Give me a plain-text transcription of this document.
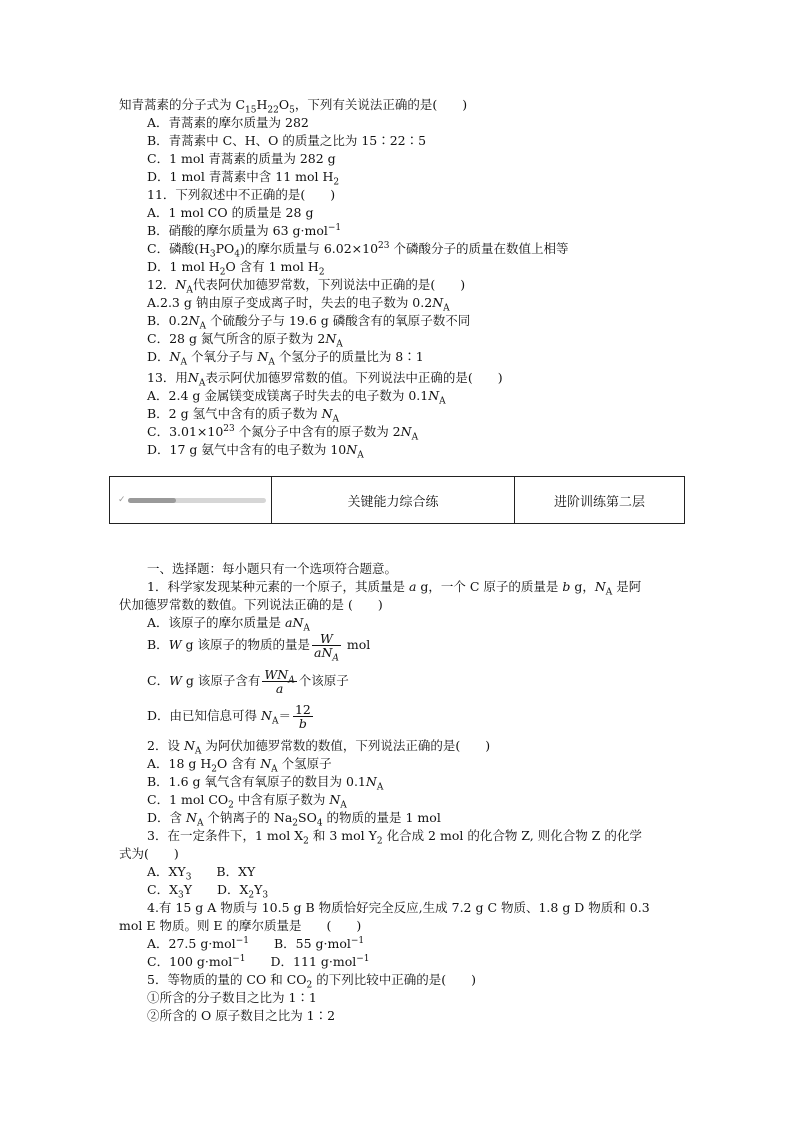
知青蒿素的分子式为 $C_{15}H_{22}O_5$，下列有关说法正确的是(　　)
A．青蒿素的摩尔质量为 282
B．青蒿素中 C、H、O 的质量之比为 15∶22∶5
C．1 mol 青蒿素的质量为 282 g
D．1 mol 青蒿素中含 11 mol $H_2$
11．下列叙述中不正确的是(　　)
A．1 mol CO 的质量是 28 g
B．硝酸的摩尔质量为 63 g·mol$^{-1}$
C．磷酸$(H_3PO_4)$的摩尔质量与 $6.02\times 10^{23}$ 个磷酸分子的质量在数值上相等
D．1 mol $H_2O$ 含有 1 mol $H_2$
12．$N_A$代表阿伏加德罗常数，下列说法中正确的是(　　)
A.2.3 g 钠由原子变成离子时，失去的电子数为 $0.2N_A$
B．$0.2N_A$ 个硫酸分子与 19.6 g 磷酸含有的氧原子数不同
C．28 g 氮气所含的原子数为 $2N_A$
D．$N_A$ 个氧分子与 $N_A$ 个氢分子的质量比为 8∶1
13．用$N_A$表示阿伏加德罗常数的值。下列说法中正确的是(　　)
A．2.4 g 金属镁变成镁离子时失去的电子数为 $0.1N_A$
B．2 g 氢气中含有的质子数为 $N_A$
C．$3.01\times 10^{23}$ 个氮分子中含有的原子数为 $2N_A$
D．17 g 氨气中含有的电子数为 $10N_A$
✓	关键能力综合练	进阶训练第二层
一、选择题：每小题只有一个选项符合题意。
1．科学家发现某种元素的一个原子，其质量是 a g，一个 C 原子的质量是 b g，$N_A$ 是阿
伏加德罗常数的数值。下列说法正确的是 (　　)
A．该原子的摩尔质量是 $aN_A$
B．W g 该原子的物质的量是 $\frac{W}{aN_A}$ mol
C．W g 该原子含有 $\frac{WN_A}{a}$ 个该原子
D．由已知信息可得 $N_A= \frac{12}{b}$
2．设 $N_A$ 为阿伏加德罗常数的数值，下列说法正确的是(　　)
A．18 g $H_2O$ 含有 $N_A$ 个氢原子
B．1.6 g 氧气含有氧原子的数目为 $0.1N_A$
C．1 mol $CO_2$ 中含有原子数为 $N_A$
D．含 $N_A$ 个钠离子的 $Na_2SO_4$ 的物质的量是 1 mol
3．在一定条件下，1 mol $X_2$ 和 3 mol $Y_2$ 化合成 2 mol 的化合物 Z, 则化合物 Z 的化学
式为(　　)
A．$XY_3$　　B．XY
C．$X_3Y$　　D．$X_2Y_3$
4.有 15 g A 物质与 10.5 g B 物质恰好完全反应,生成 7.2 g C 物质、1.8 g D 物质和 0.3
mol E 物质。则 E 的摩尔质量是　　(　　)
A．27.5 g·mol$^{-1}$　　B．55 g·mol$^{-1}$
C．100 g·mol$^{-1}$　　D．111 g·mol$^{-1}$
5．等物质的量的 CO 和 $CO_2$ 的下列比较中正确的是(　　)
①所含的分子数目之比为 1∶1
②所含的 O 原子数目之比为 1∶2
